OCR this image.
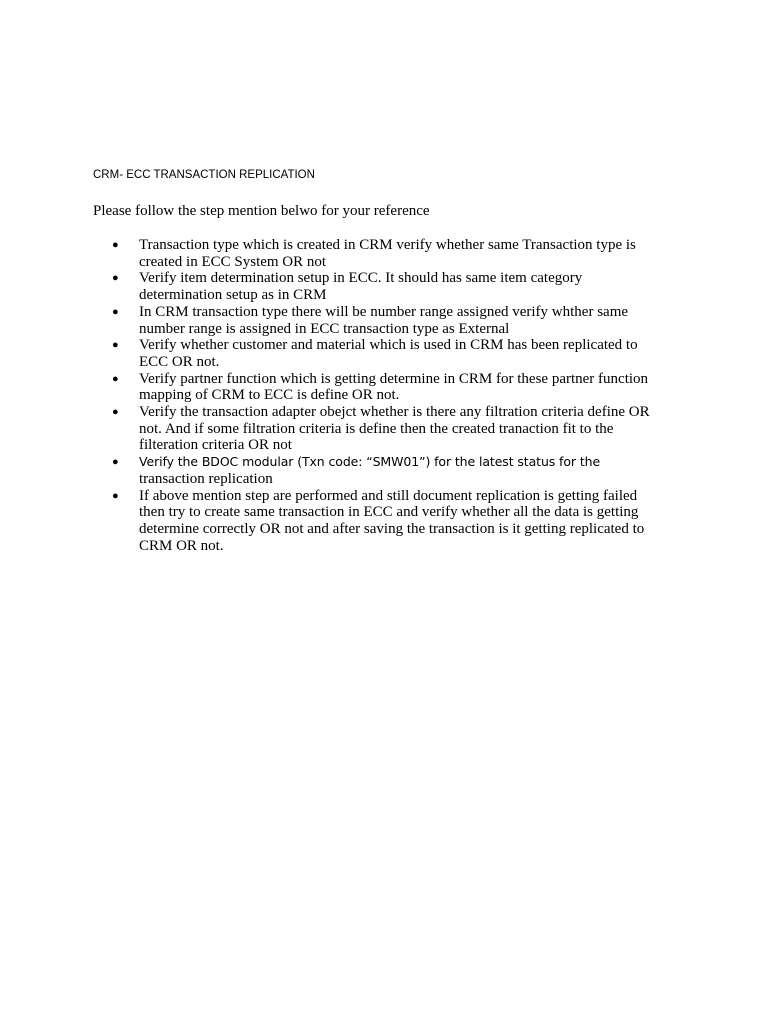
CRM- ECC TRANSACTION REPLICATION
Please follow the step mention belwo for your reference
● Transaction type which is created in CRM verify whether same Transaction type is
created in ECC System OR not
● Verify item determination setup in ECC. It should has same item category
determination setup as in CRM
● In CRM transaction type there will be number range assigned verify whther same
number range is assigned in ECC transaction type as External
● Verify whether customer and material which is used in CRM has been replicated to
ECC OR not.
● Verify partner function which is getting determine in CRM for these partner function
mapping of CRM to ECC is define OR not.
● Verify the transaction adapter obejct whether is there any filtration criteria define OR
not. And if some filtration criteria is define then the created tranaction fit to the
filteration criteria OR not
● Verify the BDOC modular (Txn code: “SMW01”) for the latest status for the
transaction replication
● If above mention step are performed and still document replication is getting failed
then try to create same transaction in ECC and verify whether all the data is getting
determine correctly OR not and after saving the transaction is it getting replicated to
CRM OR not.
